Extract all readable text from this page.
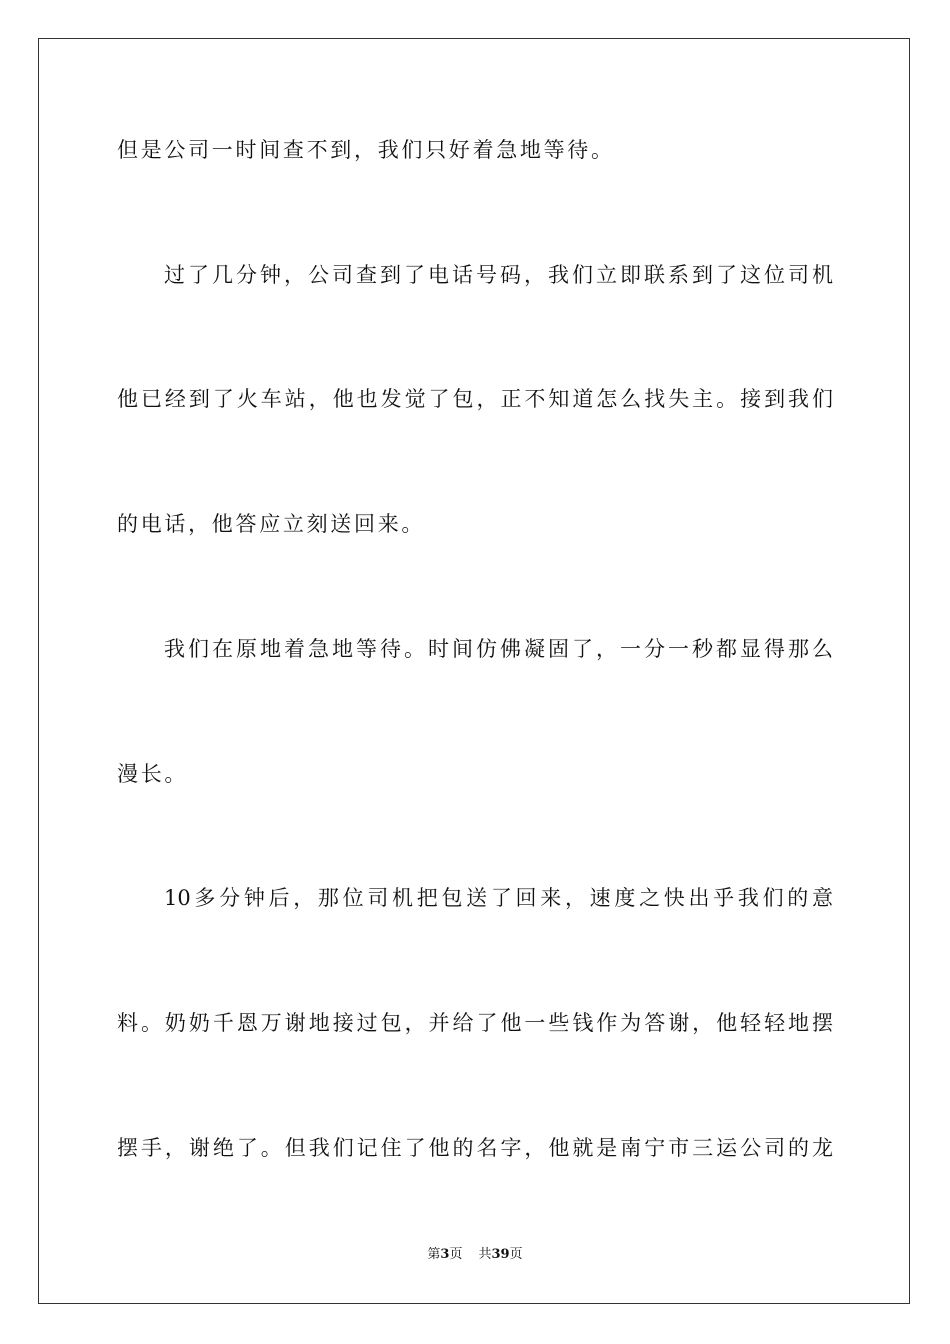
但是公司一时间查不到，我们只好着急地等待。
过了几分钟，公司查到了电话号码，我们立即联系到了这位司机
他已经到了火车站，他也发觉了包，正不知道怎么找失主。接到我们
的电话，他答应立刻送回来。
我们在原地着急地等待。时间仿佛凝固了，一分一秒都显得那么
漫长。
10多分钟后，那位司机把包送了回来，速度之快出乎我们的意
料。奶奶千恩万谢地接过包，并给了他一些钱作为答谢，他轻轻地摆
摆手，谢绝了。但我们记住了他的名字，他就是南宁市三运公司的龙
第3页 共39页
